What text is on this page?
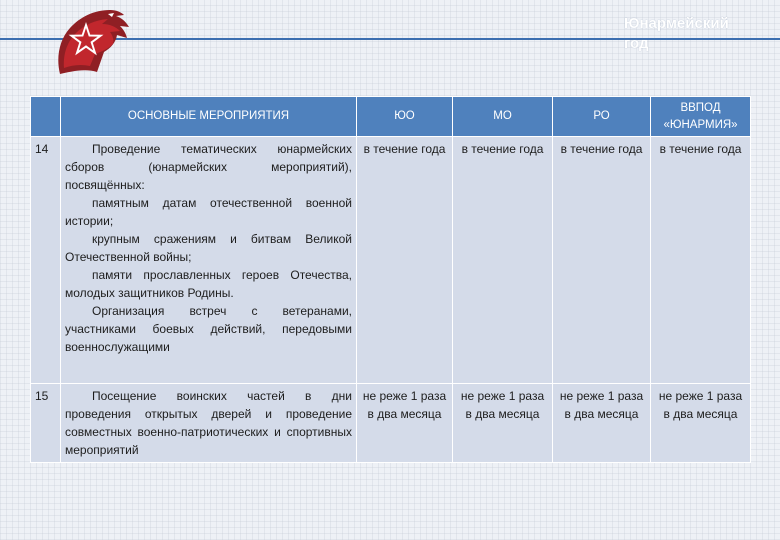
Юнармейский
год
	ОСНОВНЫЕ МЕРОПРИЯТИЯ	ЮО	МО	РО	ВВПОД «ЮНАРМИЯ»
14	Проведение тематических юнармейских сборов (юнармейских мероприятий), посвящённых:

памятным датам отечественной военной истории;

крупным сражениям и битвам Великой Отечественной войны;

памяти прославленных героев Отечества, молодых защитников Родины.

Организация встреч с ветеранами, участниками боевых действий, передовыми военнослужащими	в течение года	в течение года	в течение года	в течение года
15	Посещение воинских частей в дни проведения открытых дверей и проведение совместных военно-патриотических и спортивных мероприятий	не реже 1 раза в два месяца	не реже 1 раза в два месяца	не реже 1 раза в два месяца	не реже 1 раза в два месяца
